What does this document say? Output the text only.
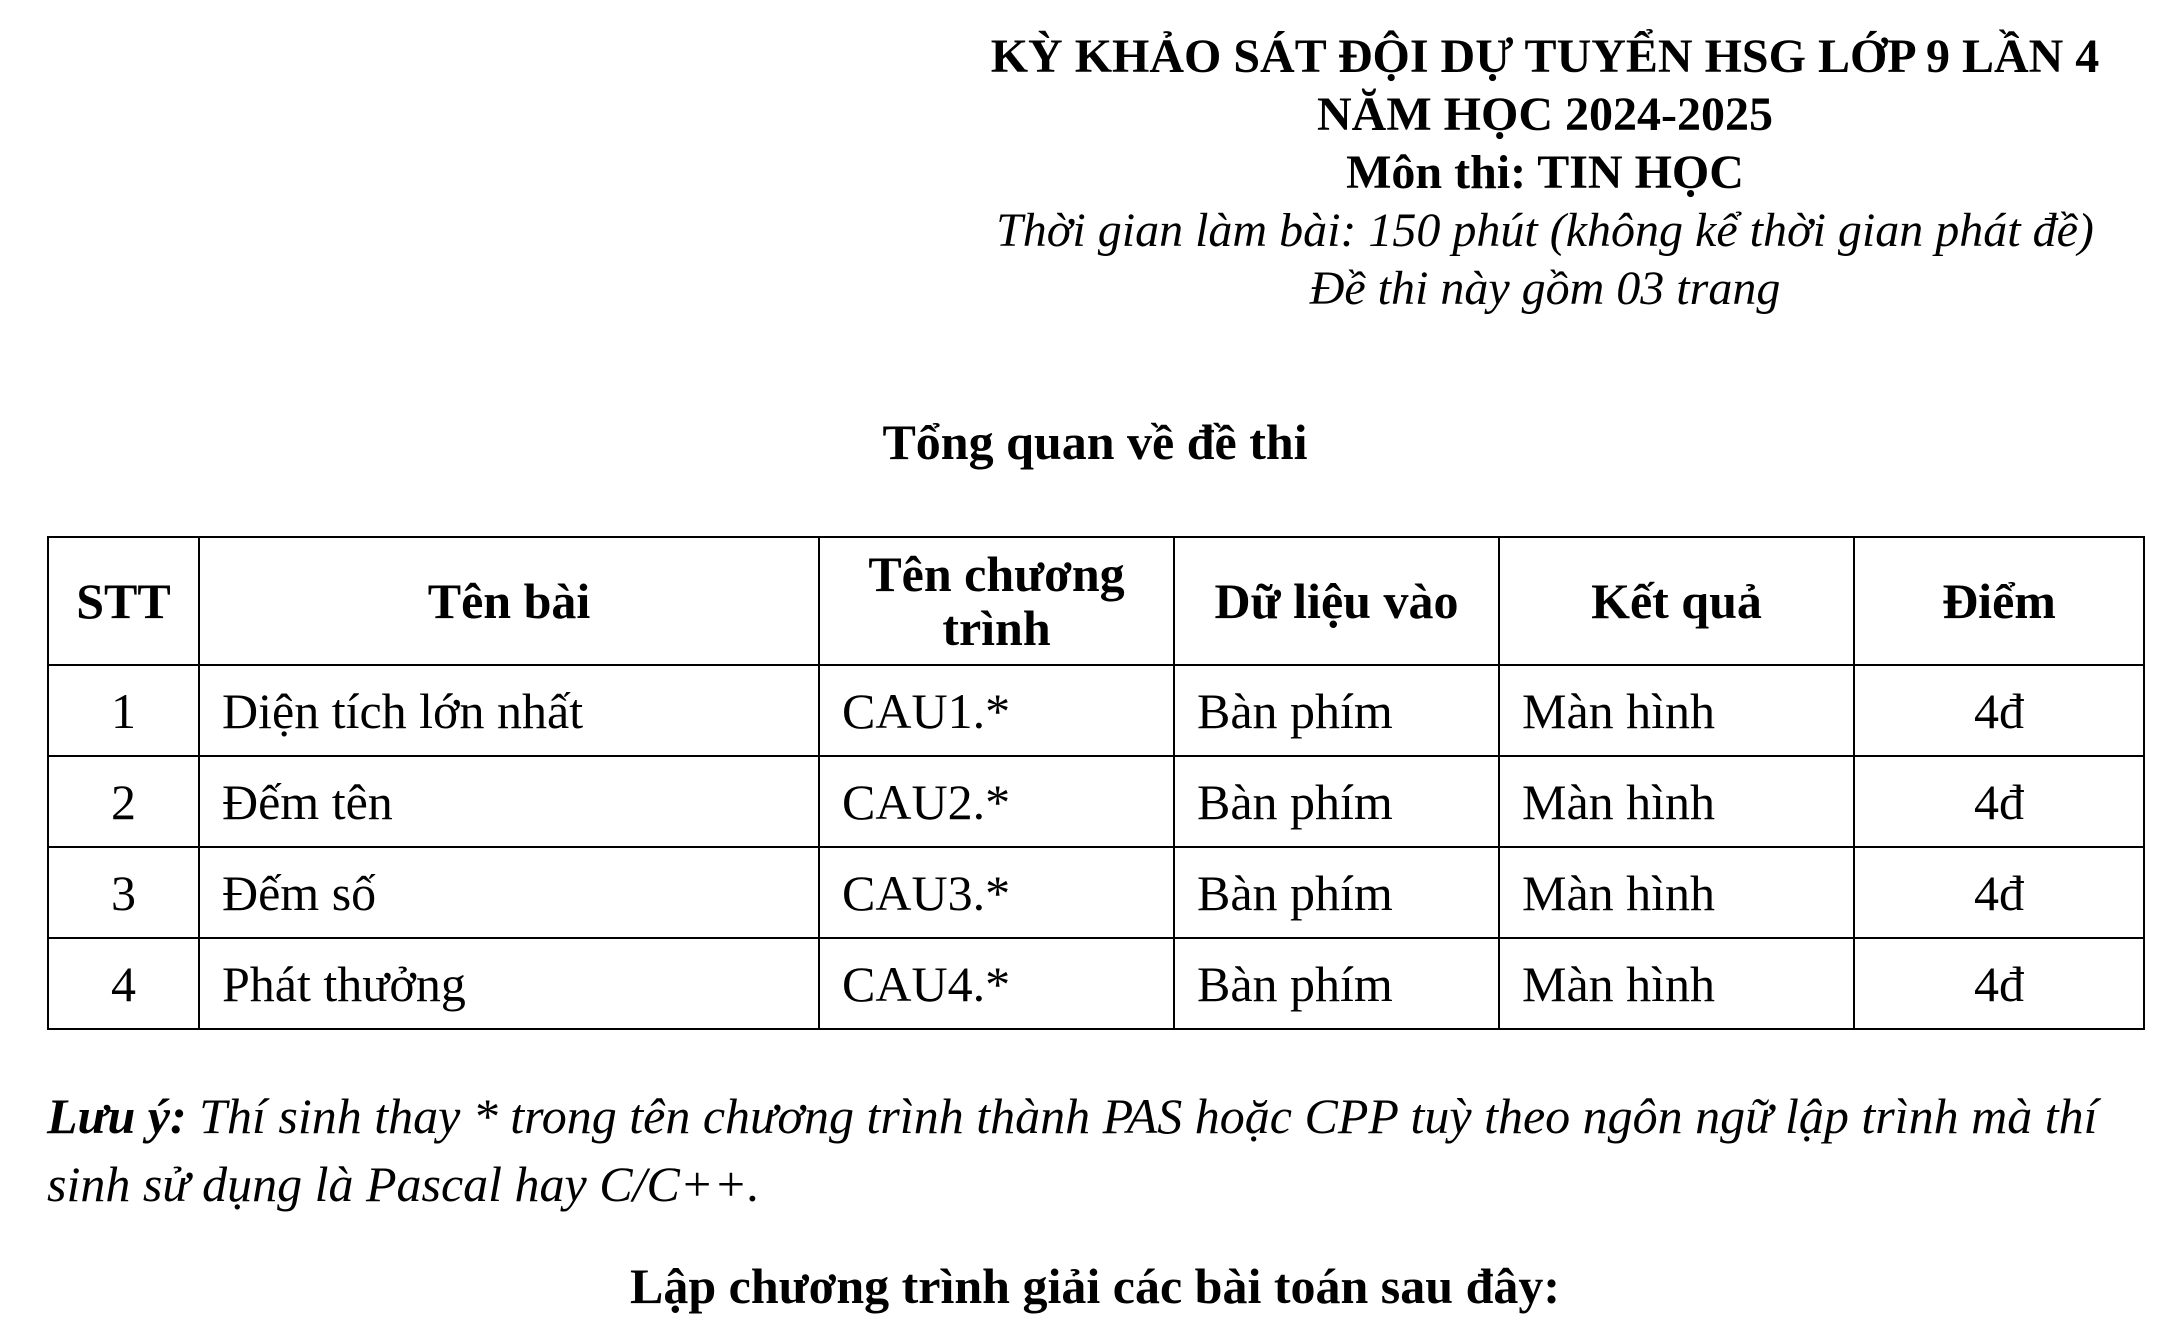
KỲ KHẢO SÁT ĐỘI DỰ TUYỂN HSG LỚP 9 LẦN 4
NĂM HỌC 2024-2025
Môn thi: TIN HỌC
Thời gian làm bài: 150 phút (không kể thời gian phát đề)
Đề thi này gồm 03 trang
Tổng quan về đề thi
STT	Tên bài	Tên chương trình	Dữ liệu vào	Kết quả	Điểm
1	Diện tích lớn nhất	CAU1.*	Bàn phím	Màn hình	4đ
2	Đếm tên	CAU2.*	Bàn phím	Màn hình	4đ
3	Đếm số	CAU3.*	Bàn phím	Màn hình	4đ
4	Phát thưởng	CAU4.*	Bàn phím	Màn hình	4đ
Lưu ý: Thí sinh thay * trong tên chương trình thành PAS hoặc CPP tuỳ theo ngôn ngữ lập trình mà thí sinh sử dụng là Pascal hay C/C++.
Lập chương trình giải các bài toán sau đây:
